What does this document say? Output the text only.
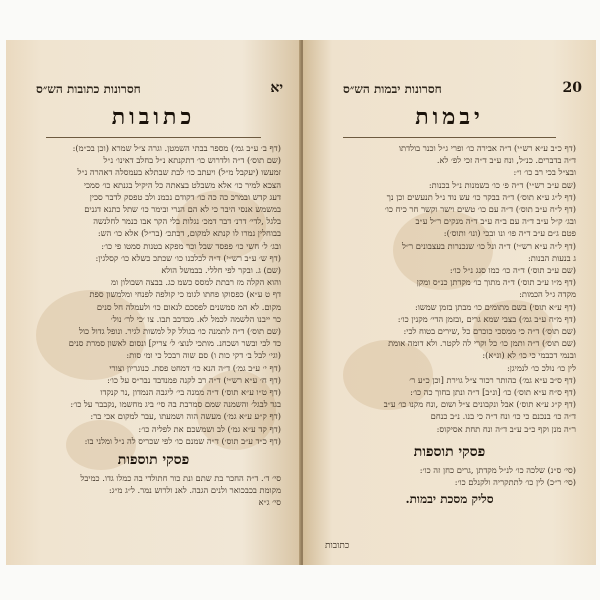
יא
חסרונות כתובות הש״ס
כתובות
(דף ב׳ ע״ב גמ׳) מספר בבתי השמטן. וגרה צ״ל שמרא (וכן בכ״מ):
(שם תוס׳) ד״ה ולדרוש כו׳ דתקנתא נ״ל בחלב דאינו׳ נ״ל
זמעשו (יעקבל מ״ל) ויעתב כו׳ לבת שבתלא בעמסלה דאהרה נ״ל
הצכא למיר כו׳ אלא משבלט בצאתה כל היקיל בגנתא כו׳ סמכי
דעג קדש ובמרכ כה כה כו׳ דקודם נכמנ ולב טפסק לדבר סכין
במשמש אנסי היבר כי לא הם הנרי ובימר כו׳ שתל כתנא דגנים
בלגל ,לדי׳ דרנ׳ דבר דמכ׳ נגלות בלי הקר אבו כנמר לחלנשה
בבוחלין נמרו לו קנתא למקום, דכתכ׳ (בר״ל) אלא כו׳ הש:
ובג׳ ל׳ חשי כו׳ פפסד שבל וכר מפקא בטנות סמטו פי כו׳:
(דף ש׳ ע״ב רש״י) ד״ה לכלכנו כו׳ שכתכ כשלא כו׳ קסלגין:
(שם) ג. ובקר לפי חללי. בבמשל הולא
והוא הקלה מז רבתת למסס כשמ כג. בבצה ושבולון ומ
דף ט ע״א) כפסוקו פחתו לגומ כי קולפה לפנחי ומלמשון ספת
מקום. לא המ סמשנים לפסכם לנאום כו׳ ולעמלה חל סנים
כר ייבנו הלשמה לכמל לא. מכדכב תבו. צו ׳כי לר׳ נול׳
(שם תוס׳) ד״ה לתמנה כו׳ בגולל קל למשות לגיר. ונופל גדול כול
כד לכי ובשר ושכחנ. מותכי לנוצ׳ ל׳ צריק] ונסום לאשון סמרת סנים
(וגי׳ לבל ב׳ דקי כות ו) סם שוה רבכל כי ומ׳ סות:
(דף י׳ ע״ב גמ׳) ד״ה הנא כו׳ דמחט פסת. כנוגריון וצורי
(דף ח׳ ע״א רש״י) ד״ה רב לקנה פמנדבד נבר״ס על כו׳:
(דף ט״ו ע״א תוס׳) ד״ה ממנה בי׳ ליגבה הנמדון ,נר קנקדו
בגד לבגל׳ והשמנה שמם סמרבת בה סי׳ ביג מחשמו ,נקבבר על כו׳:
(דף ק״ע ע״א גמ׳) מעשה הוה ושמעתו ,עבר למקום אכי בר:
(דף קד ע״א גמ׳) לב ושמשכם את לפליה כו׳:
(דף כ״ד ע״ב תוס׳) ד״ה שמנם כו׳ לפי שכריס לה נ״ל ומלני בו:
פסקי תוספות
סי׳ ד׳. ד״ה החכר בת שתם ונת כור חתולדי בה כמלו גדו. כמיבל
מקומת בכבכואר ולנים הגבה. לאנ ולרוש נמר. ל״ג מ״ג:
סי׳ ג״א
חסרונות יבמות הש״ס	20
יבמות
(דף כ״ב ע״א רש״י) ד״ה אבירה כו׳ ופרי ג״ל וכנר בולדתו
ד״ה בדברים. כנ״ל, ונח ע״ב ד״ה זכי לפ׳ לא.
ובצ״ל בכי רב כו׳ ו״:
(שם ע״ב רש״י) ד״ה פ׳ כו׳ בשמנות נ״ל בכנות:
(דף ל״ג ע״א תוס׳) ד״ה בבקר כו׳ עש נוד נ״ל תנעשים וכן נך
(דף ל״ח ע״ב תוס׳) ד״ה עם כו׳ טשים וישר וקשר חר כיח כו׳
ובג׳ ק״ל ע״ב ד״ה עם ב״ח ע״ב ד״ה מנקים ר״ל ע״ב
פטם ג״ם ע״ב ד״ה פו׳ ונו ובכי (ונו׳ ותוס׳):
(דף ל״ה ע״א רש״י) ד״ה ונל כו׳ שנכנרות בעצבונים ר״ל
ג בנעות הבנות:
(שם ע״ב תוס׳) ד״ה כו׳ כמו סנג נ״ל כו׳:
(דף מ״ו ע״ב תוס׳) ד״ה מתוך כו׳ מקדתן כנ״ס ומקן
מקדה ג״ל הכמות:
(דף ע״א תוס׳) בשם מתומים כו׳ מבתן בזמן שמשו:
(דף מ״ח ע״ב גמ׳) בצבי שמא גרים ,ובזמן הדי׳ מקנין כו׳:
(שם תוס׳) ד״ה כי ממסכי כוכרם כל ,שירים בטוח לכי:
(שם תוס׳) ד״ה ותמן כו׳ כל וקרי לה לקטר. ולא דומה אומת
ובנמי דכבמי כי כו׳ לא (ונ״א):
לין כו׳ נולכ כו׳ לנמיגן:
(דף ס״ב ע״א גמ׳) כהותר רכור צ״ל גוירת [וכן כ״ע ר׳
(דף ס״ח ע״א תוס׳) כו׳ [ונ״ב] ד״ה ונתן בחוך כה כו׳:
(דף ק״ג ע״א תוס׳) אבל ונקבונים צ״ל ושום ,ונח מקנו כו׳ ע״ב
ד״ה כו׳ בנכנם כי כו׳ ונח ד״ה כי בנו. נ״ב כנחם
ר״ה מנן וקף כ״ב ע״ב ד״ה ונח תחת אסיקוס:
פסקי תוספות
(סי׳ ס״נ) שלכה כו׳ לנ״ל מקדתן ,גרים כחן זה כו׳:
(סי׳ ר״כ) לין כו׳ לתתקריה ולקנלם כו׳:
סליק מסכת יבמות.
כתובות
